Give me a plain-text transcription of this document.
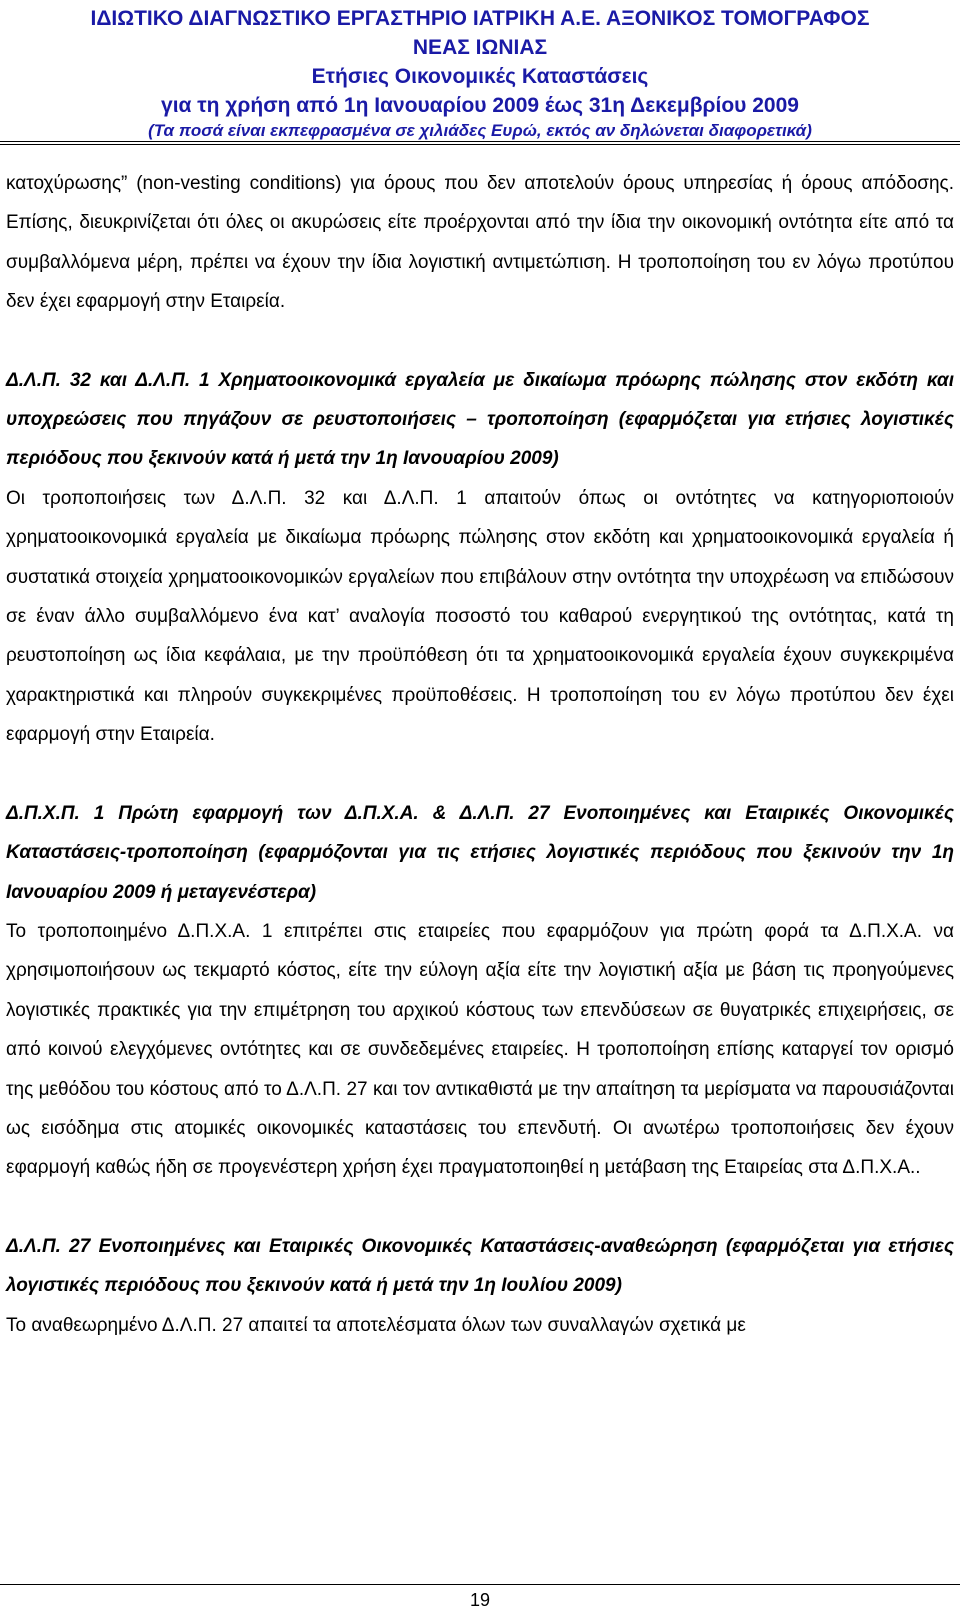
ΙΔΙΩΤΙΚΟ ΔΙΑΓΝΩΣΤΙΚΟ ΕΡΓΑΣΤΗΡΙΟ ΙΑΤΡΙΚΗ Α.Ε. ΑΞΟΝΙΚΟΣ ΤΟΜΟΓΡΑΦΟΣ
ΝΕΑΣ ΙΩΝΙΑΣ
Ετήσιες Οικονομικές Καταστάσεις
για τη χρήση από 1η Ιανουαρίου 2009 έως 31η Δεκεμβρίου 2009
(Τα ποσά είναι εκπεφρασμένα σε χιλιάδες Ευρώ, εκτός αν δηλώνεται διαφορετικά)

κατοχύρωσης” (non-vesting conditions) για όρους που δεν αποτελούν όρους υπηρεσίας ή όρους απόδοσης. Επίσης, διευκρινίζεται ότι όλες οι ακυρώσεις είτε προέρχονται από την ίδια την οικονομική οντότητα είτε από τα συμβαλλόμενα μέρη, πρέπει να έχουν την ίδια λογιστική αντιμετώπιση. Η τροποποίηση του εν λόγω προτύπου δεν έχει εφαρμογή στην Εταιρεία.

Δ.Λ.Π. 32 και Δ.Λ.Π. 1 Χρηματοοικονομικά εργαλεία με δικαίωμα πρόωρης πώλησης στον εκδότη και υποχρεώσεις που πηγάζουν σε ρευστοποιήσεις – τροποποίηση (εφαρμόζεται για ετήσιες λογιστικές περιόδους που ξεκινούν κατά ή μετά την 1η Ιανουαρίου 2009)

Οι τροποποιήσεις των Δ.Λ.Π. 32 και Δ.Λ.Π. 1 απαιτούν όπως οι οντότητες να κατηγοριοποιούν χρηματοοικονομικά εργαλεία με δικαίωμα πρόωρης πώλησης στον εκδότη και χρηματοοικονομικά εργαλεία ή συστατικά στοιχεία χρηματοοικονομικών εργαλείων που επιβάλουν στην οντότητα την υποχρέωση να επιδώσουν σε έναν άλλο συμβαλλόμενο ένα κατ’ αναλογία ποσοστό του καθαρού ενεργητικού της οντότητας, κατά τη ρευστοποίηση ως ίδια κεφάλαια, με την προϋπόθεση ότι τα χρηματοοικονομικά εργαλεία έχουν συγκεκριμένα χαρακτηριστικά και πληρούν συγκεκριμένες προϋποθέσεις. Η τροποποίηση του εν λόγω προτύπου δεν έχει εφαρμογή στην Εταιρεία.

Δ.Π.Χ.Π. 1 Πρώτη εφαρμογή των Δ.Π.Χ.Α. & Δ.Λ.Π. 27 Ενοποιημένες και Εταιρικές Οικονομικές Καταστάσεις-τροποποίηση (εφαρμόζονται για τις ετήσιες λογιστικές περιόδους που ξεκινούν την 1η Ιανουαρίου 2009 ή μεταγενέστερα)

Το τροποποιημένο Δ.Π.Χ.Α. 1 επιτρέπει στις εταιρείες που εφαρμόζουν για πρώτη φορά τα Δ.Π.Χ.Α. να χρησιμοποιήσουν ως τεκμαρτό κόστος, είτε την εύλογη αξία είτε την λογιστική αξία με βάση τις προηγούμενες λογιστικές πρακτικές για την επιμέτρηση του αρχικού κόστους των επενδύσεων σε θυγατρικές επιχειρήσεις, σε από κοινού ελεγχόμενες οντότητες και σε συνδεδεμένες εταιρείες. Η τροποποίηση επίσης καταργεί τον ορισμό της μεθόδου του κόστους από το Δ.Λ.Π. 27 και τον αντικαθιστά με την απαίτηση τα μερίσματα να παρουσιάζονται ως εισόδημα στις ατομικές οικονομικές καταστάσεις του επενδυτή. Οι ανωτέρω τροποποιήσεις δεν έχουν εφαρμογή καθώς ήδη σε προγενέστερη χρήση έχει πραγματοποιηθεί η μετάβαση της Εταιρείας στα Δ.Π.Χ.Α..

Δ.Λ.Π. 27 Ενοποιημένες και Εταιρικές Οικονομικές Καταστάσεις-αναθεώρηση (εφαρμόζεται για ετήσιες λογιστικές περιόδους που ξεκινούν κατά ή μετά την 1η Ιουλίου 2009)

Το αναθεωρημένο Δ.Λ.Π. 27 απαιτεί τα αποτελέσματα όλων των συναλλαγών σχετικά με

19
